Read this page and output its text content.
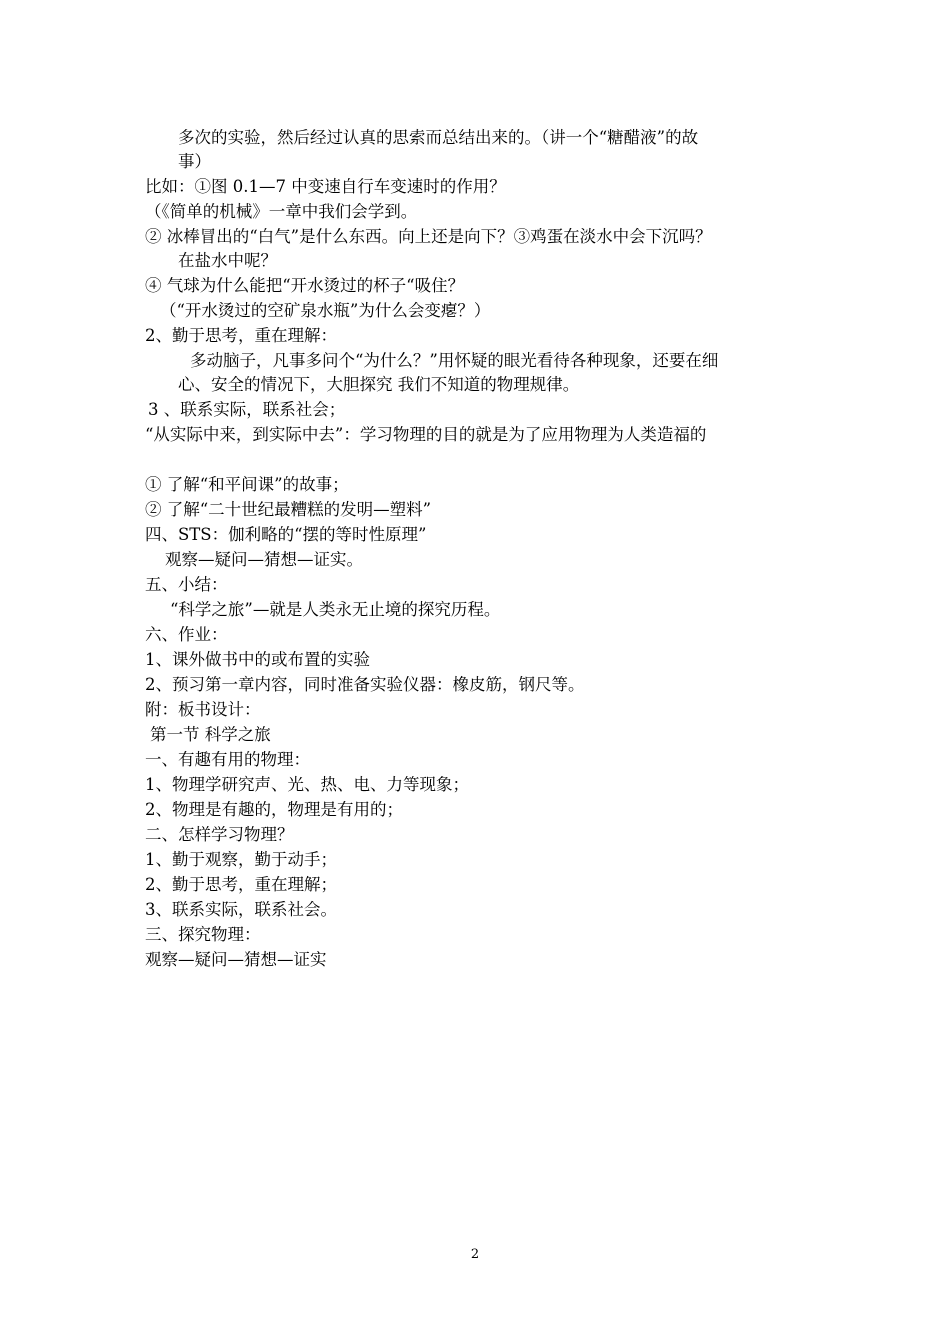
多次的实验，然后经过认真的思索而总结出来的。（讲一个“糖醋液”的故
事）
比如：①图 0.1—7 中变速自行车变速时的作用？
（《简单的机械》一章中我们会学到。
② 冰棒冒出的“白气”是什么东西。向上还是向下？③鸡蛋在淡水中会下沉吗？
在盐水中呢？
④ 气球为什么能把“开水烫过的杯子“吸住？
（“开水烫过的空矿泉水瓶”为什么会变瘪？）
2、勤于思考，重在理解：
多动脑子，凡事多问个“为什么？”用怀疑的眼光看待各种现象，还要在细
心、安全的情况下，大胆探究 我们不知道的物理规律。
3 、联系实际，联系社会；
“从实际中来，到实际中去”：学习物理的目的就是为了应用物理为人类造福的
① 了解“和平间课”的故事；
② 了解“二十世纪最糟糕的发明—塑料”
四、STS：伽利略的“摆的等时性原理”
观察—疑问—猜想—证实。
五、小结：
“科学之旅”—就是人类永无止境的探究历程。
六、作业：
1、课外做书中的或布置的实验
2、预习第一章内容，同时准备实验仪器：橡皮筋，钢尺等。
附：板书设计：
第一节 科学之旅
一、有趣有用的物理：
1、物理学研究声、光、热、电、力等现象；
2、物理是有趣的，物理是有用的；
二、怎样学习物理？
1、勤于观察，勤于动手；
2、勤于思考，重在理解；
3、联系实际，联系社会。
三、探究物理：
观察—疑问—猜想—证实
2
